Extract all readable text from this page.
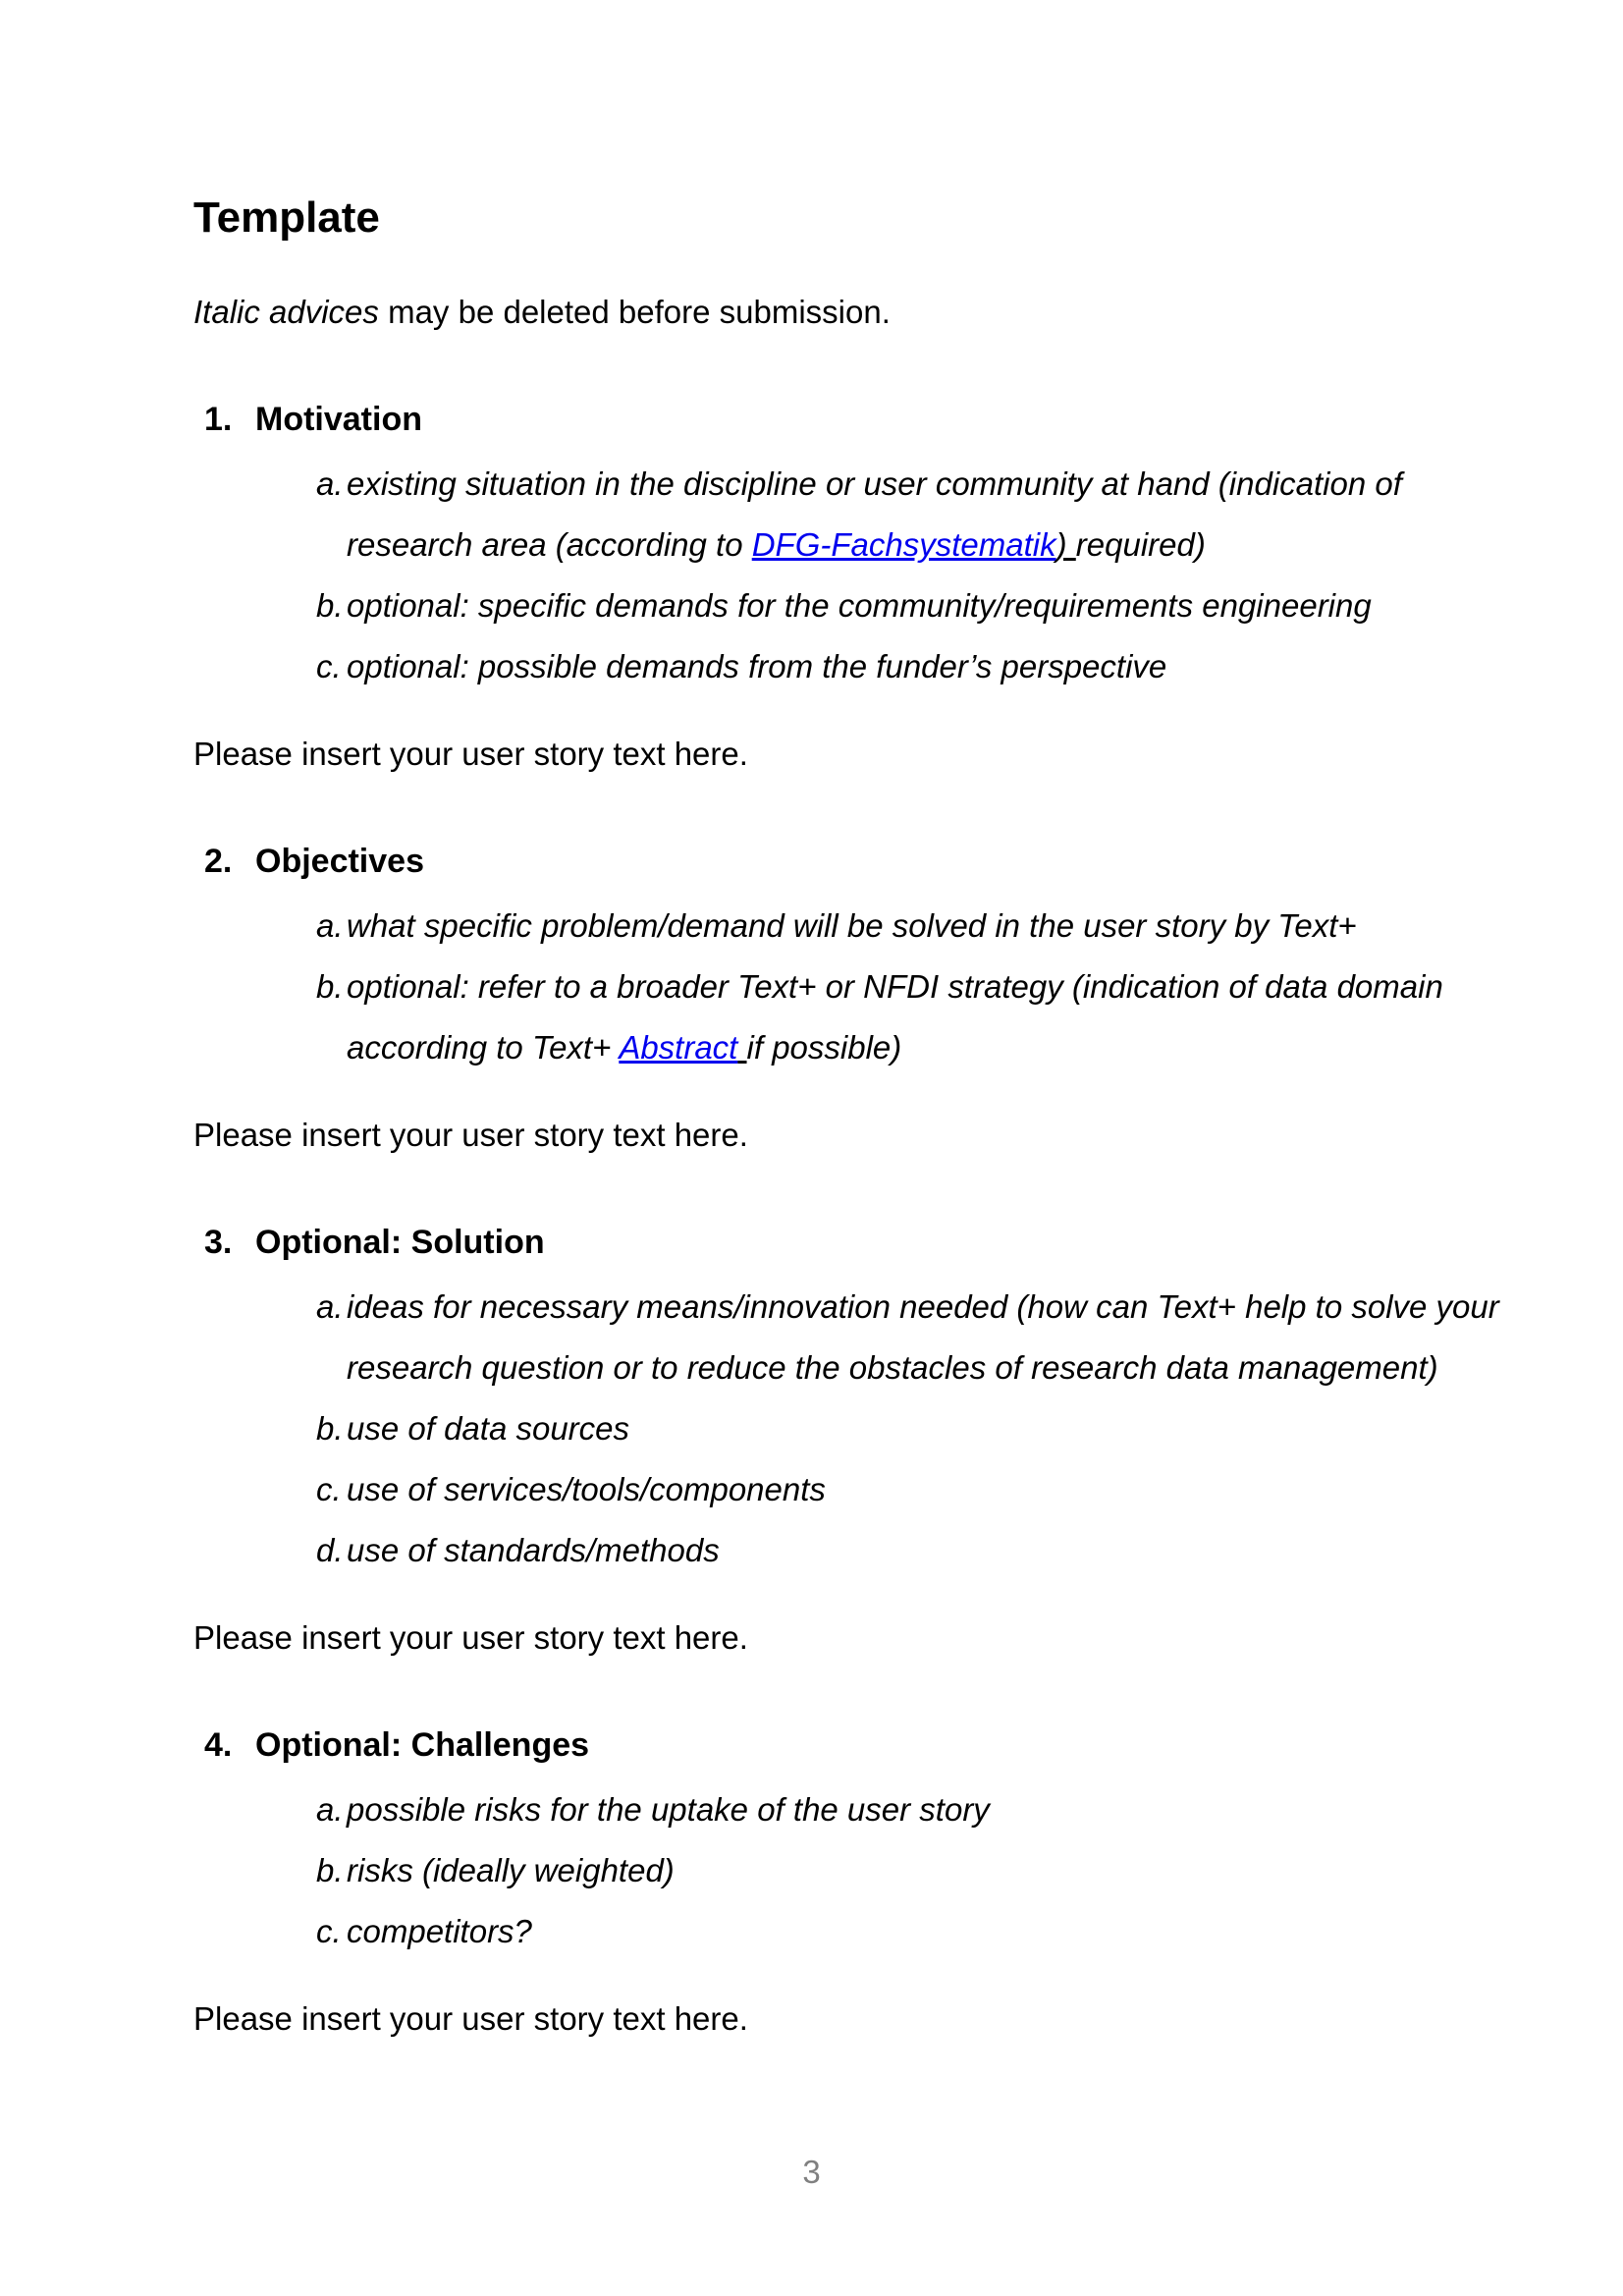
Template

Italic advices may be deleted before submission.

1. Motivation
a. existing situation in the discipline or user community at hand (indication of
research area (according to DFG-Fachsystematik) required)
b. optional: specific demands for the community/requirements engineering
c. optional: possible demands from the funder’s perspective

Please insert your user story text here.

2. Objectives
a. what specific problem/demand will be solved in the user story by Text+
b. optional: refer to a broader Text+ or NFDI strategy (indication of data domain
according to Text+ Abstract if possible)

Please insert your user story text here.

3. Optional: Solution
a. ideas for necessary means/innovation needed (how can Text+ help to solve your
research question or to reduce the obstacles of research data management)
b. use of data sources
c. use of services/tools/components
d. use of standards/methods

Please insert your user story text here.

4. Optional: Challenges
a. possible risks for the uptake of the user story
b. risks (ideally weighted)
c. competitors?

Please insert your user story text here.

3
